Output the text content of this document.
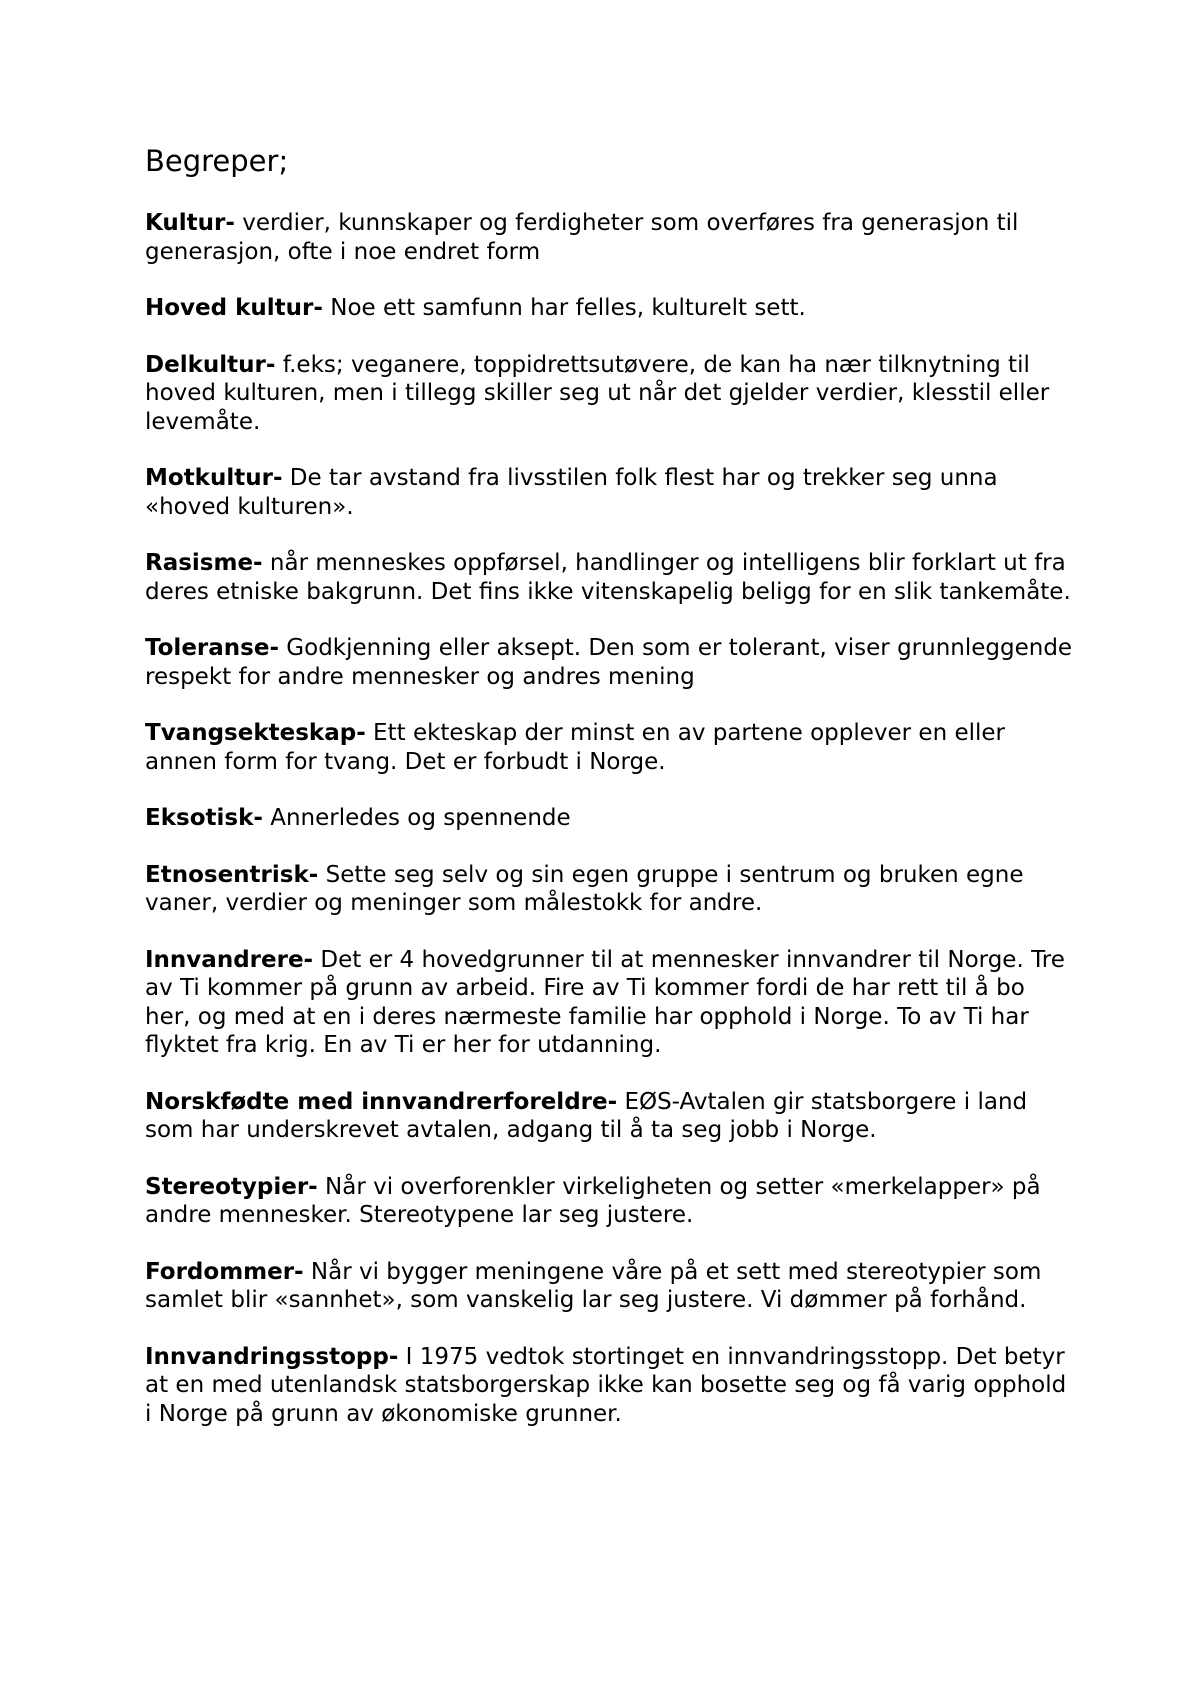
Begreper;

Kultur- verdier, kunnskaper og ferdigheter som overføres fra generasjon til generasjon, ofte i noe endret form

Hoved kultur- Noe ett samfunn har felles, kulturelt sett.

Delkultur- f.eks; veganere, toppidrettsutøvere, de kan ha nær tilknytning til hoved kulturen, men i tillegg skiller seg ut når det gjelder verdier, klesstil eller levemåte.

Motkultur- De tar avstand fra livsstilen folk flest har og trekker seg unna «hoved kulturen».

Rasisme- når menneskes oppførsel, handlinger og intelligens blir forklart ut fra deres etniske bakgrunn. Det fins ikke vitenskapelig beligg for en slik tankemåte.

Toleranse- Godkjenning eller aksept. Den som er tolerant, viser grunnleggende respekt for andre mennesker og andres mening

Tvangsekteskap- Ett ekteskap der minst en av partene opplever en eller annen form for tvang. Det er forbudt i Norge.

Eksotisk- Annerledes og spennende

Etnosentrisk- Sette seg selv og sin egen gruppe i sentrum og bruken egne vaner, verdier og meninger som målestokk for andre.

Innvandrere- Det er 4 hovedgrunner til at mennesker innvandrer til Norge. Tre av Ti kommer på grunn av arbeid. Fire av Ti kommer fordi de har rett til å bo her, og med at en i deres nærmeste familie har opphold i Norge. To av Ti har flyktet fra krig. En av Ti er her for utdanning.

Norskfødte med innvandrerforeldre- EØS-Avtalen gir statsborgere i land som har underskrevet avtalen, adgang til å ta seg jobb i Norge.

Stereotypier- Når vi overforenkler virkeligheten og setter «merkelapper» på andre mennesker. Stereotypene lar seg justere.

Fordommer- Når vi bygger meningene våre på et sett med stereotypier som samlet blir «sannhet», som vanskelig lar seg justere. Vi dømmer på forhånd.

Innvandringsstopp- I 1975 vedtok stortinget en innvandringsstopp. Det betyr at en med utenlandsk statsborgerskap ikke kan bosette seg og få varig opphold i Norge på grunn av økonomiske grunner.
